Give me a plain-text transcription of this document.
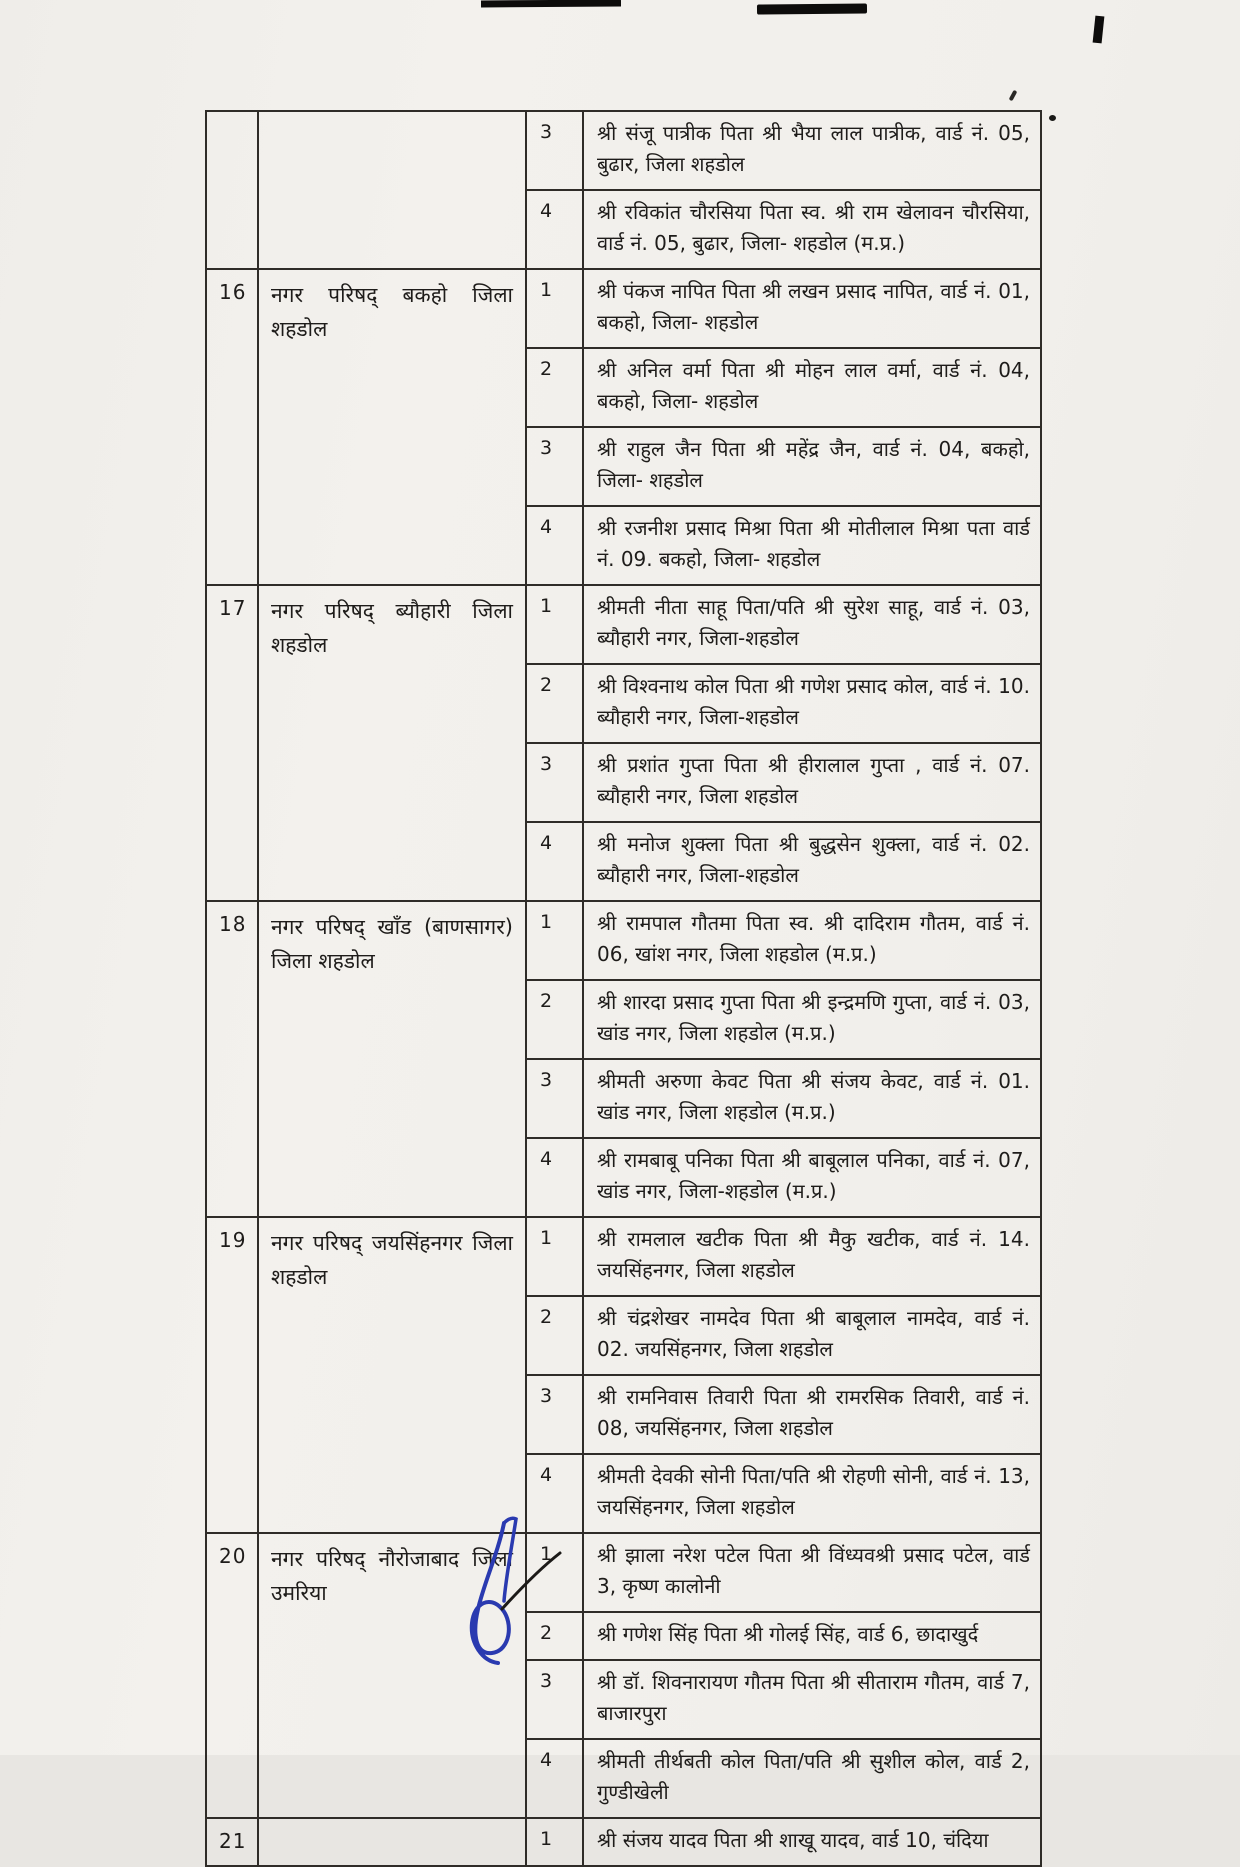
		3	श्री संजू पात्रीक पिता श्री भैया लाल पात्रीक, वार्ड नं. 05, बुढार, जिला शहडोल
		4	श्री रविकांत चौरसिया पिता स्व. श्री राम खेलावन चौरसिया, वार्ड नं. 05, बुढार, जिला- शहडोल (म.प्र.)
16	नगर परिषद् बकहो जिला शहडोल	1	श्री पंकज नापित पिता श्री लखन प्रसाद नापित, वार्ड नं. 01, बकहो, जिला- शहडोल
		2	श्री अनिल वर्मा पिता श्री मोहन लाल वर्मा, वार्ड नं. 04, बकहो, जिला- शहडोल
		3	श्री राहुल जैन पिता श्री महेंद्र जैन, वार्ड नं. 04, बकहो, जिला- शहडोल
		4	श्री रजनीश प्रसाद मिश्रा पिता श्री मोतीलाल मिश्रा पता वार्ड नं. 09. बकहो, जिला- शहडोल
17	नगर परिषद् ब्यौहारी जिला शहडोल	1	श्रीमती नीता साहू पिता/पति श्री सुरेश साहू, वार्ड नं. 03, ब्यौहारी नगर, जिला-शहडोल
		2	श्री विश्वनाथ कोल पिता श्री गणेश प्रसाद कोल, वार्ड नं. 10. ब्यौहारी नगर, जिला-शहडोल
		3	श्री प्रशांत गुप्ता पिता श्री हीरालाल गुप्ता , वार्ड नं. 07. ब्यौहारी नगर, जिला शहडोल
		4	श्री मनोज शुक्ला पिता श्री बुद्धसेन शुक्ला, वार्ड नं. 02. ब्यौहारी नगर, जिला-शहडोल
18	नगर परिषद् खाँड (बाणसागर) जिला शहडोल	1	श्री रामपाल गौतमा पिता स्व. श्री दादिराम गौतम, वार्ड नं. 06, खांश नगर, जिला शहडोल (म.प्र.)
		2	श्री शारदा प्रसाद गुप्ता पिता श्री इन्द्रमणि गुप्ता, वार्ड नं. 03, खांड नगर, जिला शहडोल (म.प्र.)
		3	श्रीमती अरुणा केवट पिता श्री संजय केवट, वार्ड नं. 01. खांड नगर, जिला शहडोल (म.प्र.)
		4	श्री रामबाबू पनिका पिता श्री बाबूलाल पनिका, वार्ड नं. 07, खांड नगर, जिला-शहडोल (म.प्र.)
19	नगर परिषद् जयसिंहनगर जिला शहडोल	1	श्री रामलाल खटीक पिता श्री मैकु खटीक, वार्ड नं. 14. जयसिंहनगर, जिला शहडोल
		2	श्री चंद्रशेखर नामदेव पिता श्री बाबूलाल नामदेव, वार्ड नं. 02. जयसिंहनगर, जिला शहडोल
		3	श्री रामनिवास तिवारी पिता श्री रामरसिक तिवारी, वार्ड नं. 08, जयसिंहनगर, जिला शहडोल
		4	श्रीमती देवकी सोनी पिता/पति श्री रोहणी सोनी, वार्ड नं. 13, जयसिंहनगर, जिला शहडोल
20	नगर परिषद् नौरोजाबाद जिला उमरिया	1	श्री झाला नरेश पटेल पिता श्री विंध्यवश्री प्रसाद पटेल, वार्ड 3, कृष्ण कालोनी
		2	श्री गणेश सिंह पिता श्री गोलई सिंह, वार्ड 6, छादाखुर्द
		3	श्री डॉ. शिवनारायण गौतम पिता श्री सीताराम गौतम, वार्ड 7, बाजारपुरा
		4	श्रीमती तीर्थबती कोल पिता/पति श्री सुशील कोल, वार्ड 2, गुण्डीखेली
21		1	श्री संजय यादव पिता श्री शाखू यादव, वार्ड 10, चंदिया
